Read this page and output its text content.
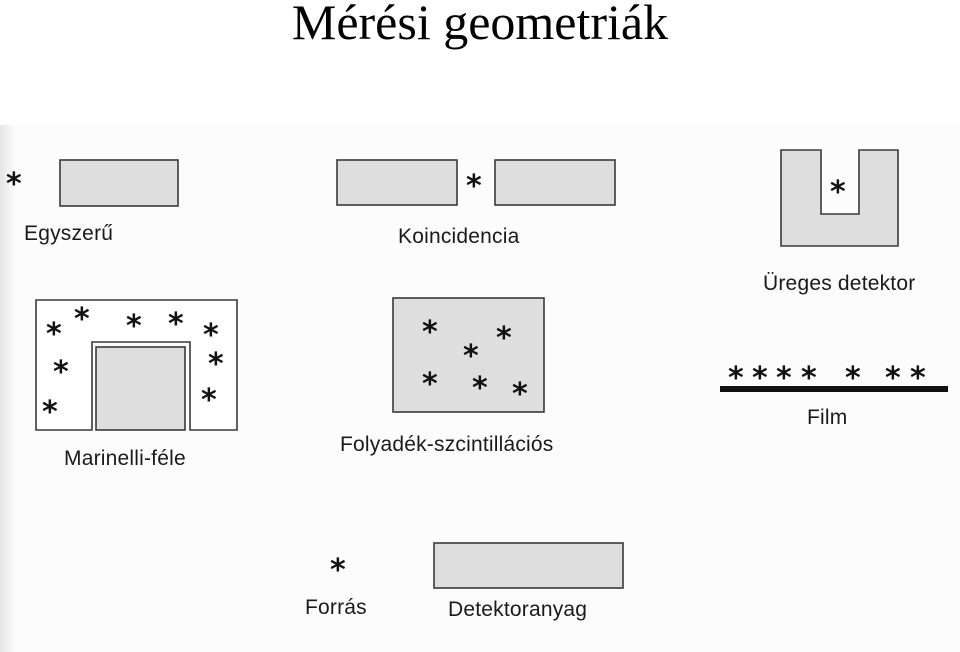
Mérési geometriák
*	*	*
* * * * *
*	*
*	*
* *
*
* * *	* * * * * * *
*
Egyszerű	Koincidencia
Üreges detektor
Marinelli-féle
Folyadék-szcintillációs
Film
Forrás	Detektoranyag
